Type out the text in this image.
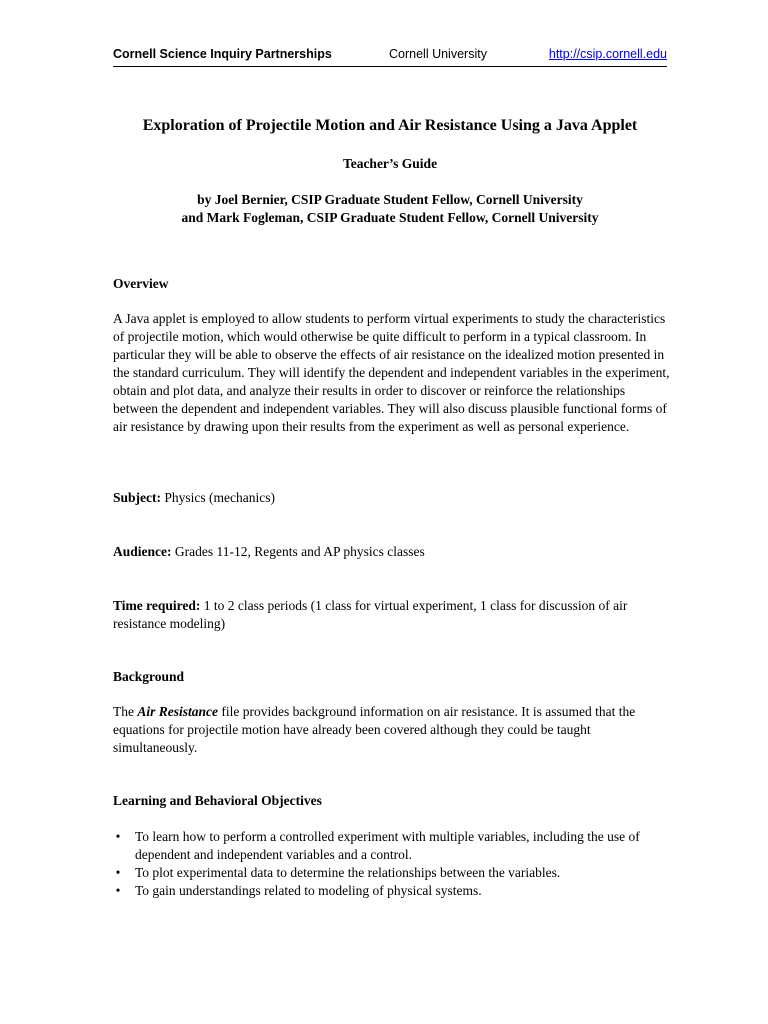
Cornell Science Inquiry Partnerships	Cornell University	http://csip.cornell.edu
Exploration of Projectile Motion and Air Resistance Using a Java Applet
Teacher’s Guide
by Joel Bernier, CSIP Graduate Student Fellow, Cornell University
and Mark Fogleman, CSIP Graduate Student Fellow, Cornell University
Overview
A Java applet is employed to allow students to perform virtual experiments to study the characteristics of projectile motion, which would otherwise be quite difficult to perform in a typical classroom. In particular they will be able to observe the effects of air resistance on the idealized motion presented in the standard curriculum. They will identify the dependent and independent variables in the experiment, obtain and plot data, and analyze their results in order to discover or reinforce the relationships between the dependent and independent variables. They will also discuss plausible functional forms of air resistance by drawing upon their results from the experiment as well as personal experience.
Subject: Physics (mechanics)
Audience: Grades 11-12, Regents and AP physics classes
Time required: 1 to 2 class periods (1 class for virtual experiment, 1 class for discussion of air resistance modeling)
Background
The Air Resistance file provides background information on air resistance. It is assumed that the equations for projectile motion have already been covered although they could be taught simultaneously.
Learning and Behavioral Objectives
• To learn how to perform a controlled experiment with multiple variables, including the use of dependent and independent variables and a control.
• To plot experimental data to determine the relationships between the variables.
• To gain understandings related to modeling of physical systems.
